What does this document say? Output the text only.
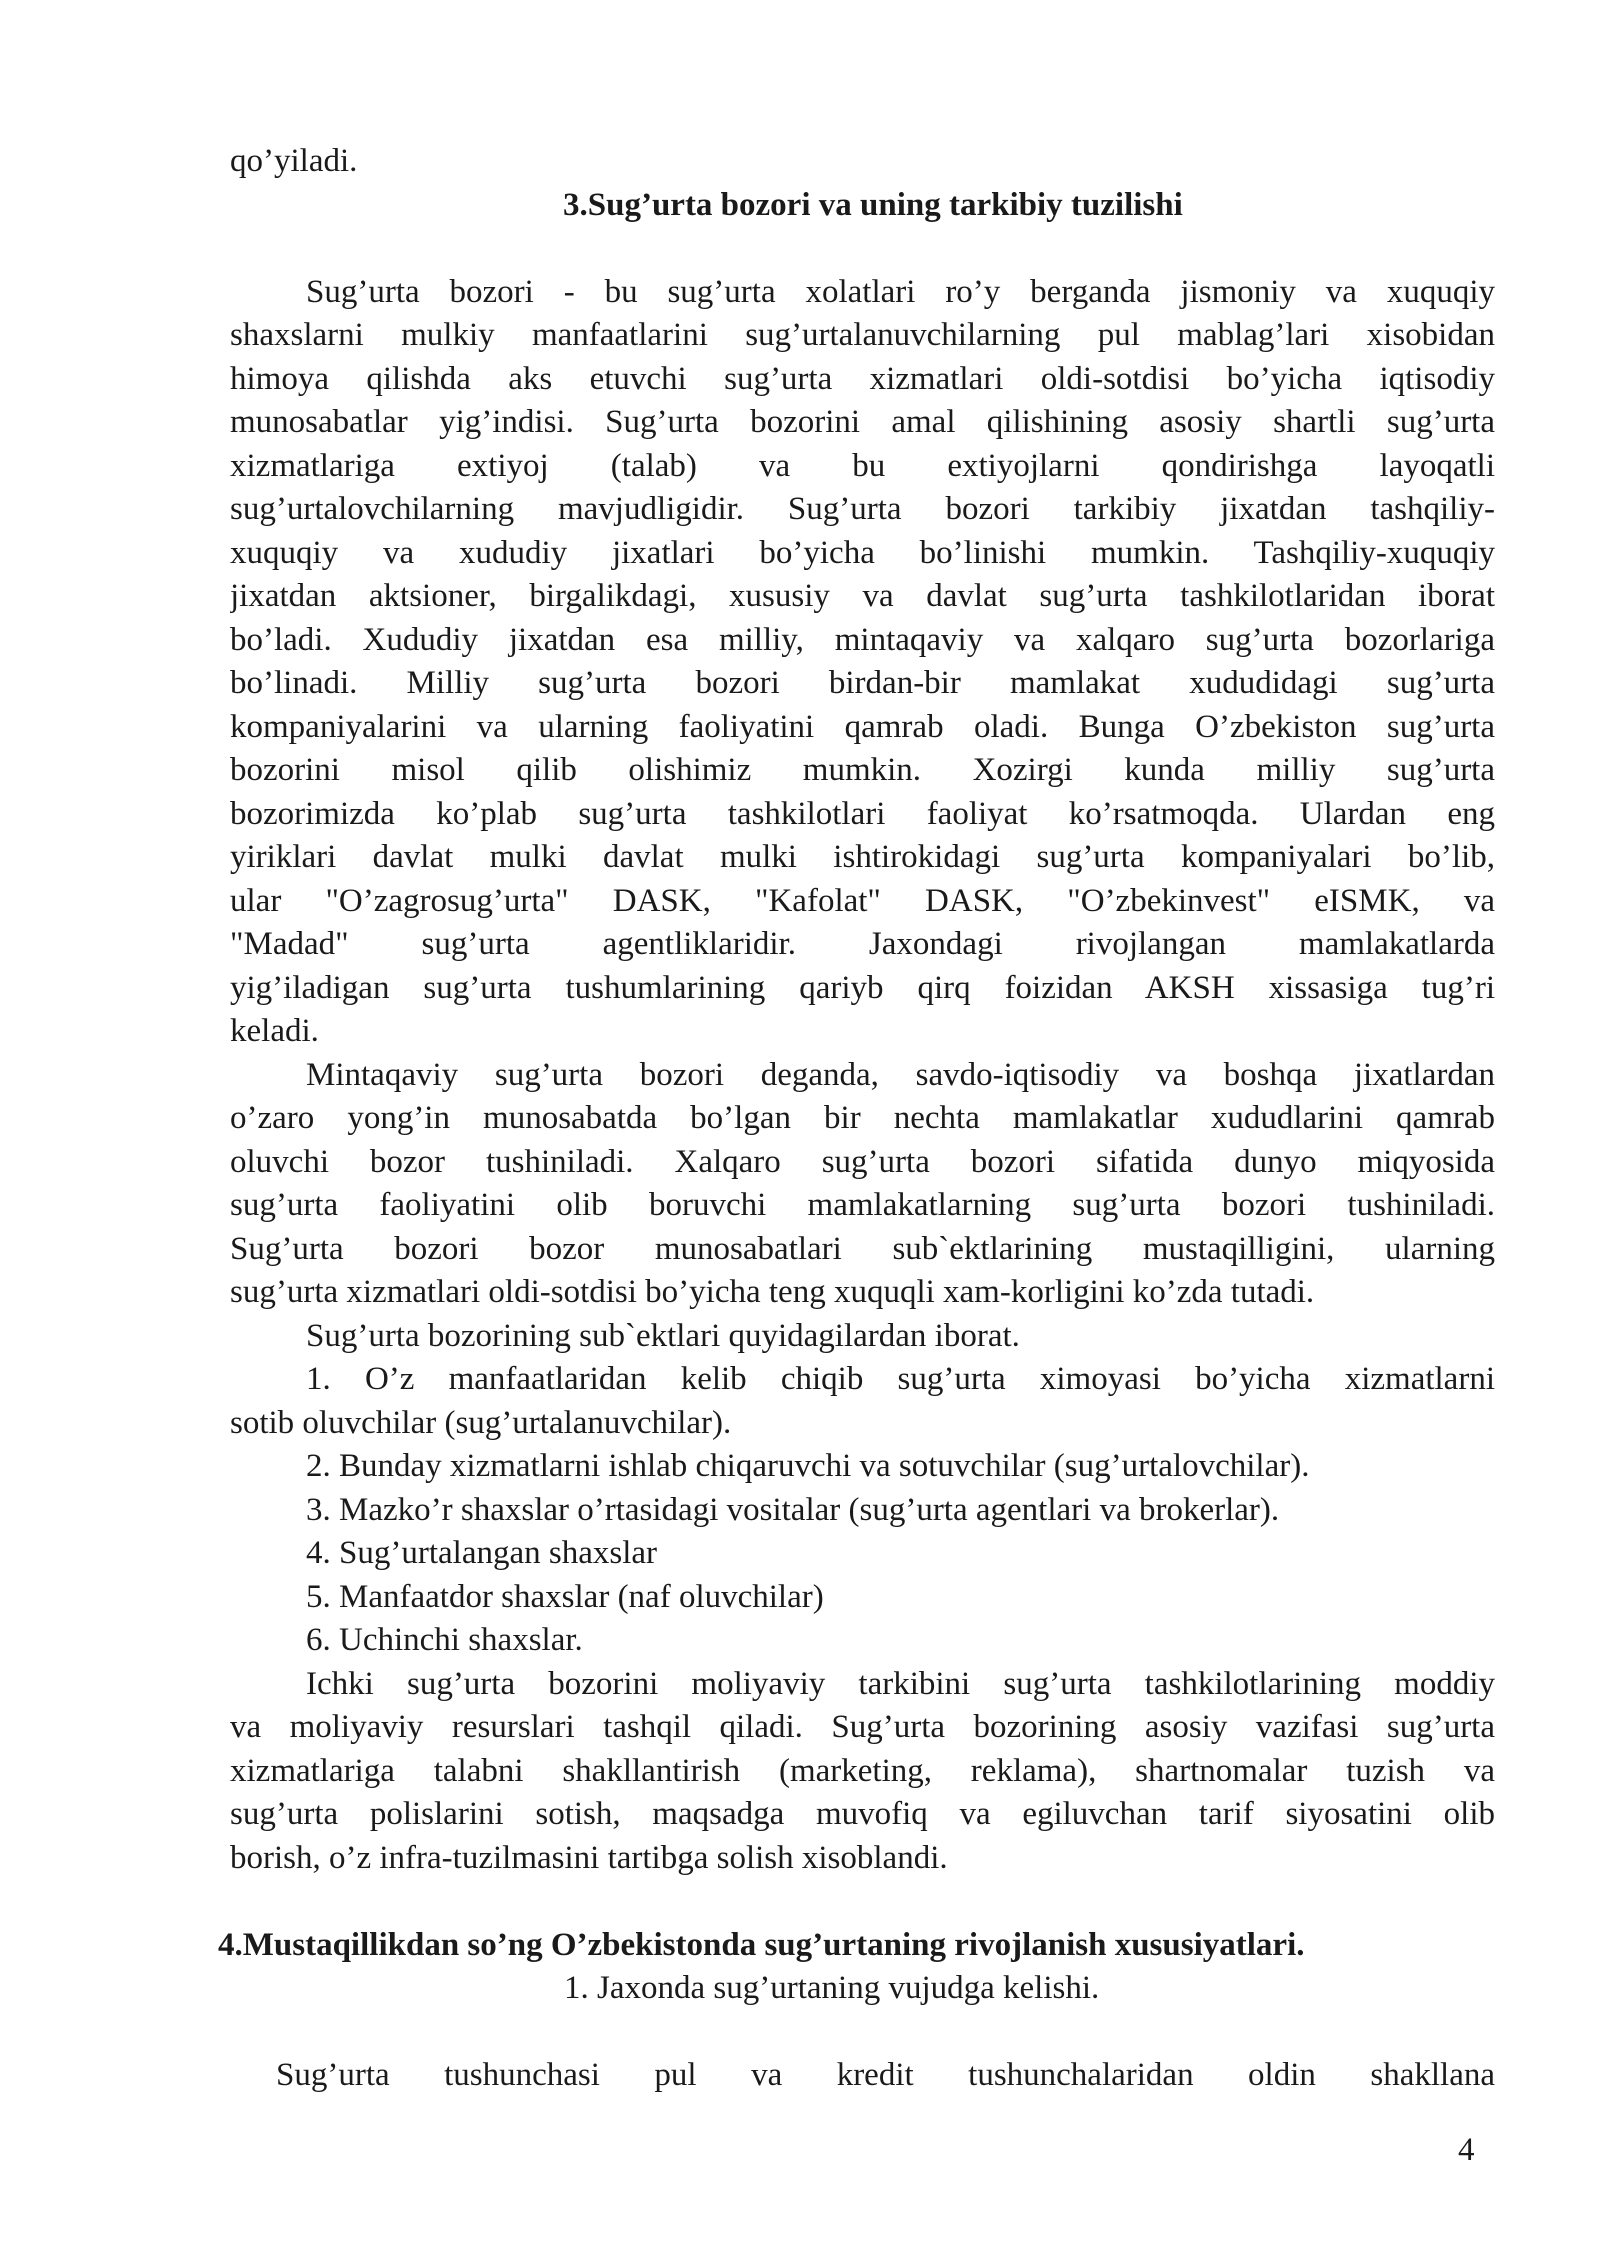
qo’yiladi.
3.Sug’urta bozori va uning tarkibiy tuzilishi
Sug’urta bozori - bu sug’urta xolatlari ro’y berganda jismoniy va xuquqiy
shaxslarni mulkiy manfaatlarini sug’urtalanuvchilarning pul mablag’lari xisobidan
himoya qilishda aks etuvchi sug’urta xizmatlari oldi-sotdisi bo’yicha iqtisodiy
munosabatlar yig’indisi. Sug’urta bozorini amal qilishining asosiy shartli sug’urta
xizmatlariga extiyoj (talab) va bu extiyojlarni qondirishga layoqatli
sug’urtalovchilarning mavjudligidir. Sug’urta bozori tarkibiy jixatdan tashqiliy-
xuquqiy va xududiy jixatlari bo’yicha bo’linishi mumkin. Tashqiliy-xuquqiy
jixatdan aktsioner, birgalikdagi, xususiy va davlat sug’urta tashkilotlaridan iborat
bo’ladi. Xududiy jixatdan esa milliy, mintaqaviy va xalqaro sug’urta bozorlariga
bo’linadi. Milliy sug’urta bozori birdan-bir mamlakat xududidagi sug’urta
kompaniyalarini va ularning faoliyatini qamrab oladi. Bunga O’zbekiston sug’urta
bozorini misol qilib olishimiz mumkin. Xozirgi kunda milliy sug’urta
bozorimizda ko’plab sug’urta tashkilotlari faoliyat ko’rsatmoqda. Ulardan eng
yiriklari davlat mulki davlat mulki ishtirokidagi sug’urta kompaniyalari bo’lib,
ular "O’zagrosug’urta" DASK, "Kafolat" DASK, "O’zbekinvest" eISMK, va
"Madad" sug’urta agentliklaridir. Jaxondagi rivojlangan mamlakatlarda
yig’iladigan sug’urta tushumlarining qariyb qirq foizidan AKSH xissasiga tug’ri
keladi.
Mintaqaviy sug’urta bozori deganda, savdo-iqtisodiy va boshqa jixatlardan
o’zaro yong’in munosabatda bo’lgan bir nechta mamlakatlar xududlarini qamrab
oluvchi bozor tushiniladi. Xalqaro sug’urta bozori sifatida dunyo miqyosida
sug’urta faoliyatini olib boruvchi mamlakatlarning sug’urta bozori tushiniladi.
Sug’urta bozori bozor munosabatlari sub`ektlarining mustaqilligini, ularning
sug’urta xizmatlari oldi-sotdisi bo’yicha teng xuquqli xam-korligini ko’zda tutadi.
Sug’urta bozorining sub`ektlari quyidagilardan iborat.
1. O’z manfaatlaridan kelib chiqib sug’urta ximoyasi bo’yicha xizmatlarni
sotib oluvchilar (sug’urtalanuvchilar).
2. Bunday xizmatlarni ishlab chiqaruvchi va sotuvchilar (sug’urtalovchilar).
3. Mazko’r shaxslar o’rtasidagi vositalar (sug’urta agentlari va brokerlar).
4. Sug’urtalangan shaxslar
5. Manfaatdor shaxslar (naf oluvchilar)
6. Uchinchi shaxslar.
Ichki sug’urta bozorini moliyaviy tarkibini sug’urta tashkilotlarining moddiy
va moliyaviy resurslari tashqil qiladi. Sug’urta bozorining asosiy vazifasi sug’urta
xizmatlariga talabni shakllantirish (marketing, reklama), shartnomalar tuzish va
sug’urta polislarini sotish, maqsadga muvofiq va egiluvchan tarif siyosatini olib
borish, o’z infra-tuzilmasini tartibga solish xisoblandi.
4.Mustaqillikdan so’ng O’zbekistonda sug’urtaning rivojlanish xususiyatlari.
1. Jaxonda sug’urtaning vujudga kelishi.
Sug’urta tushunchasi pul va kredit tushunchalaridan oldin shakllana
4
